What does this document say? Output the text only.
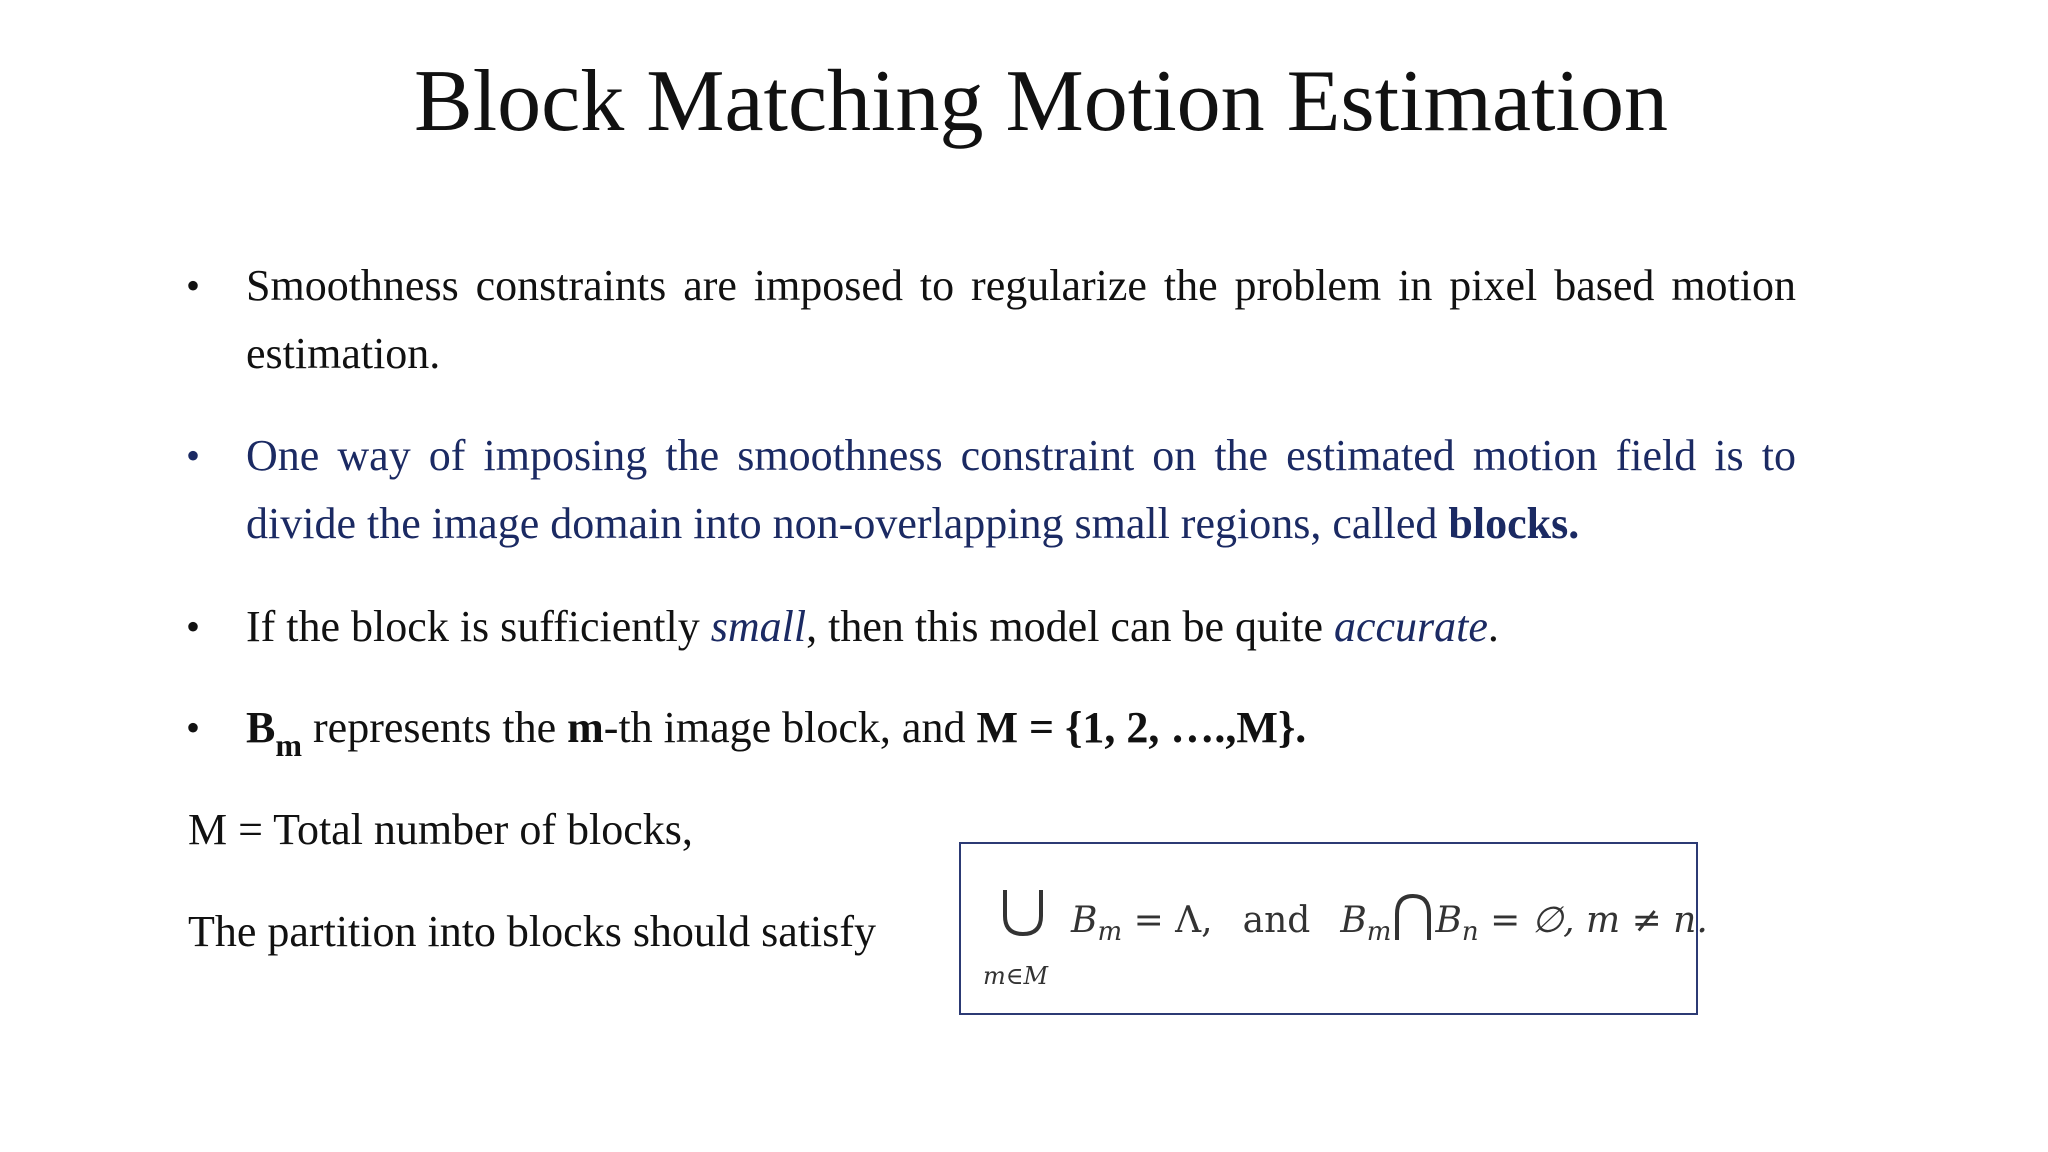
Block Matching Motion Estimation
•	Smoothness constraints are imposed to regularize the problem in pixel based motion estimation.
•	One way of imposing the smoothness constraint on the estimated motion field is to divide the image domain into non-overlapping small regions, called blocks.
•	If the block is sufficiently small, then this model can be quite accurate.
•	$B_m$ represents the m-th image block, and M = {1, 2, ….,M}.
M = Total number of blocks,
The partition into blocks should satisfy
m∈M
$B_m = \Lambda$, and $B_m$ $B_n$ = ∅, m ≠ n.
